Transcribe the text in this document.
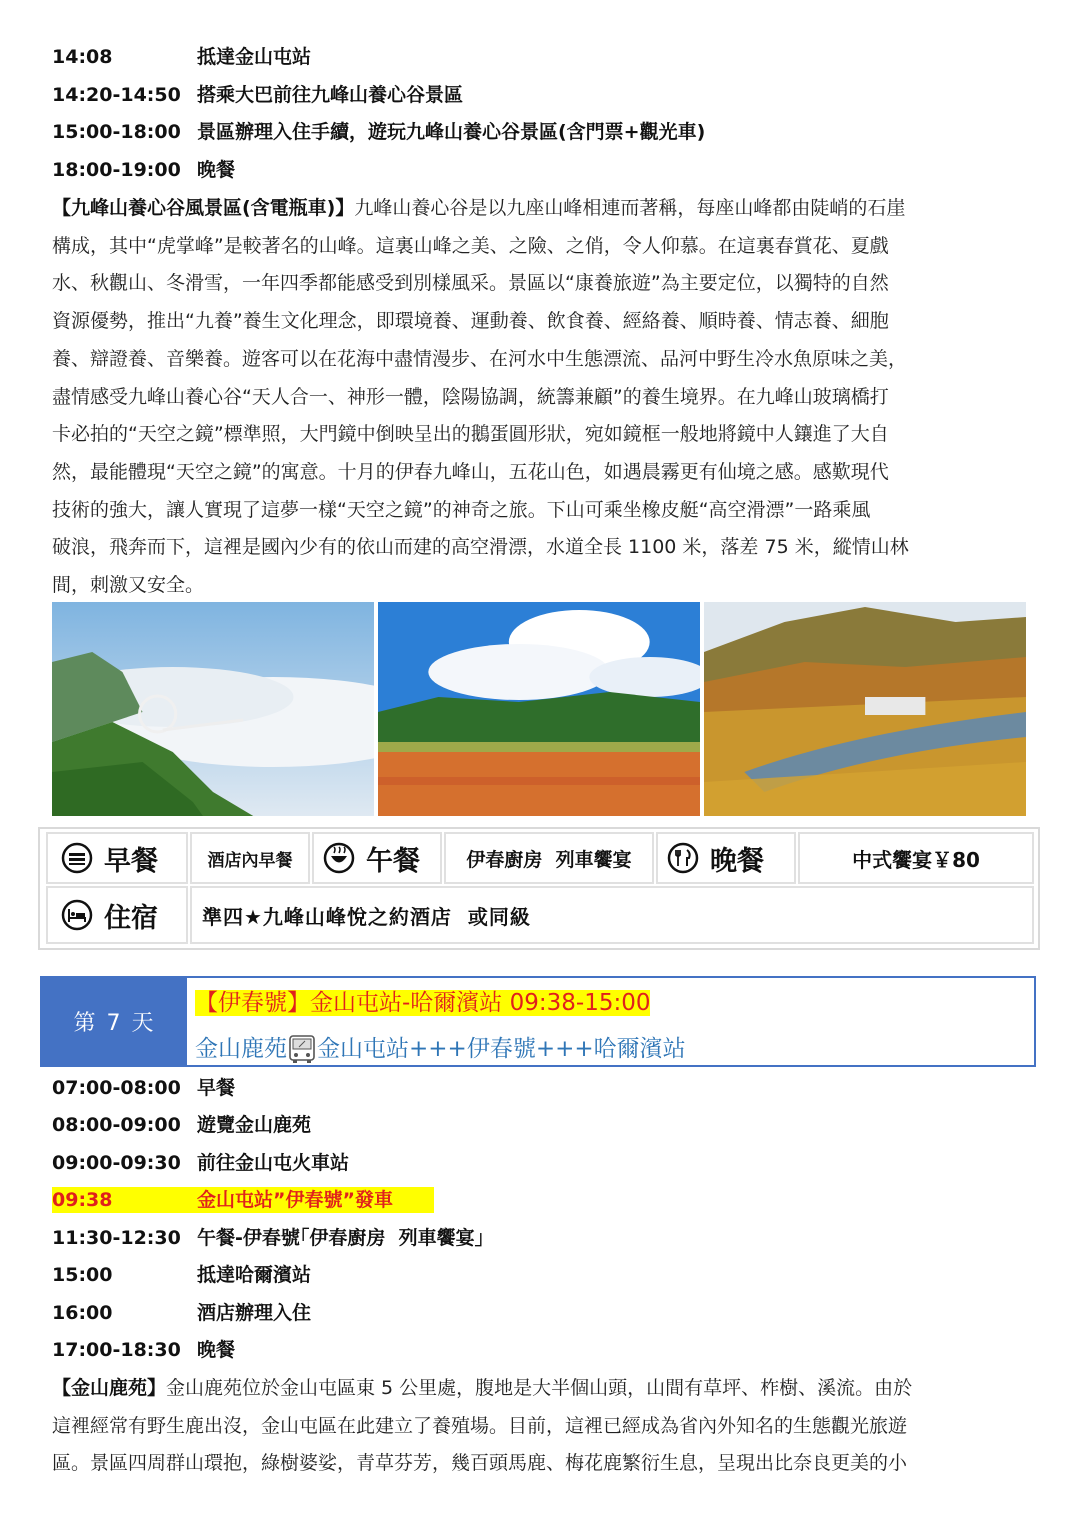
14:08	抵達金山屯站
14:20-14:50 搭乘大巴前往九峰山養心谷景區
15:00-18:00 景區辦理入住手續，遊玩九峰山養心谷景區(含門票+觀光車)
18:00-19:00 晚餐
【九峰山養心谷風景區(含電瓶車)】九峰山養心谷是以九座山峰相連而著稱，每座山峰都由陡峭的石崖
構成，其中“虎掌峰”是較著名的山峰。這裏山峰之美、之險、之俏，令人仰慕。在這裏春賞花、夏戲
水、秋觀山、冬滑雪，一年四季都能感受到別樣風采。景區以“康養旅遊”為主要定位，以獨特的自然
資源優勢，推出“九養”養生文化理念，即環境養、運動養、飲食養、經絡養、順時養、情志養、細胞
養、辯證養、音樂養。遊客可以在花海中盡情漫步、在河水中生態漂流、品河中野生冷水魚原味之美，
盡情感受九峰山養心谷“天人合一、神形一體，陰陽協調，統籌兼顧”的養生境界。在九峰山玻璃橋打
卡必拍的“天空之鏡”標準照，大門鏡中倒映呈出的鵝蛋圓形狀，宛如鏡框一般地將鏡中人鑲進了大自
然，最能體現“天空之鏡”的寓意。十月的伊春九峰山，五花山色，如遇晨霧更有仙境之感。感歎現代
技術的強大，讓人實現了這夢一樣“天空之鏡”的神奇之旅。下山可乘坐橡皮艇“高空滑漂”一路乘風
破浪，飛奔而下，這裡是國內少有的依山而建的高空滑漂，水道全長 1100 米，落差 75 米，縱情山林
間，刺激又安全。
早餐	酒店內早餐	午餐 伊春廚房  列車饗宴	晚餐	中式饗宴￥80
住宿 準四★九峰山峰悅之約酒店  或同級
第 7 天
【伊春號】金山屯站-哈爾濱站 09:38-15:00
金山鹿苑 金山屯站+++伊春號+++哈爾濱站
07:00-08:00 早餐
08:00-09:00 遊覽金山鹿苑
09:00-09:30 前往金山屯火車站
09:38	金山屯站”伊春號”發車
11:30-12:30 午餐-伊春號｢伊春廚房  列車饗宴」
15:00	抵達哈爾濱站
16:00	酒店辦理入住
17:00-18:30 晚餐
【金山鹿苑】金山鹿苑位於金山屯區東 5 公里處，腹地是大半個山頭，山間有草坪、柞樹、溪流。由於
這裡經常有野生鹿出沒，金山屯區在此建立了養殖場。目前，這裡已經成為省內外知名的生態觀光旅遊
區。景區四周群山環抱，綠樹婆娑，青草芬芳，幾百頭馬鹿、梅花鹿繁衍生息，呈現出比奈良更美的小
